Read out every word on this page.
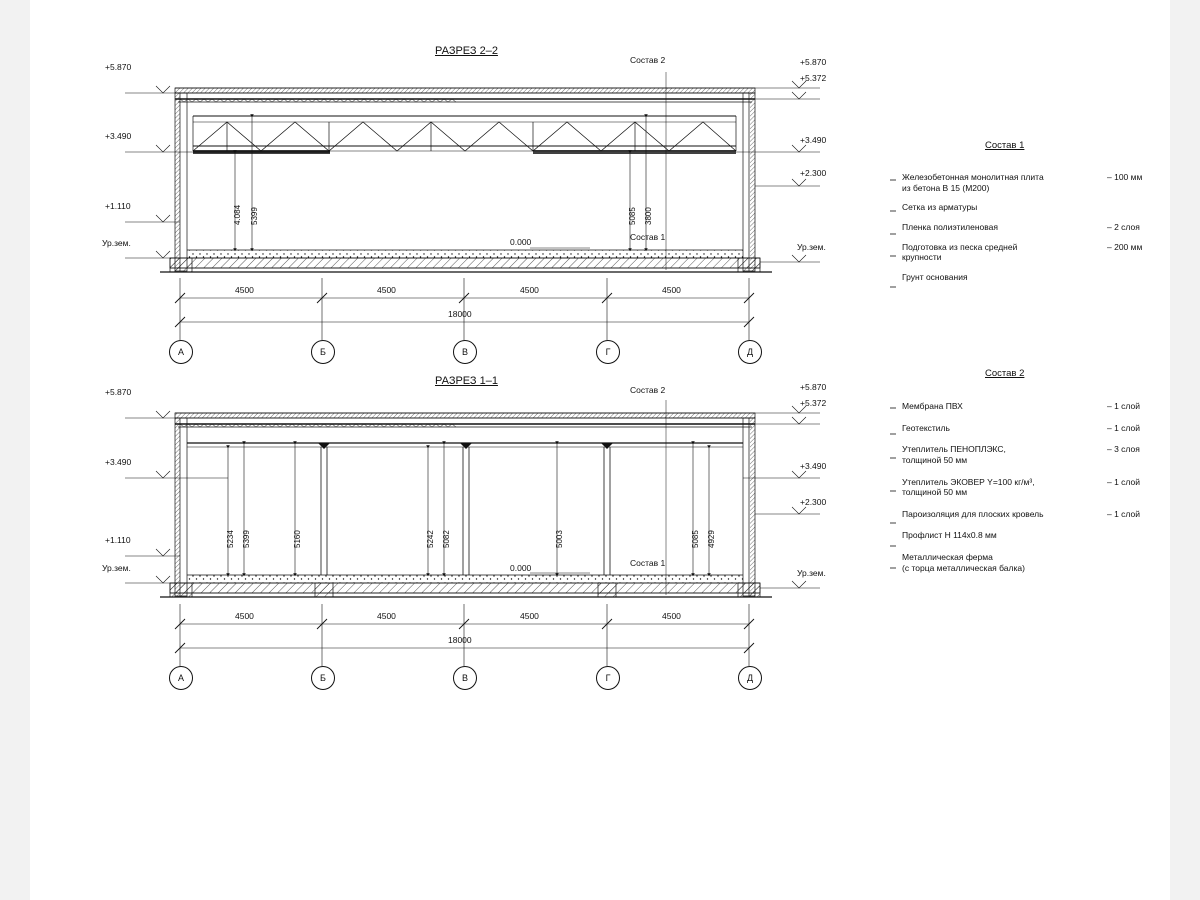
РАЗРЕЗ 2–2
Состав 2
Состав 1
0.000
+5.870
+3.490
+1.110
Ур.зем.
+5.870
+5.372
+3.490
+2.300
Ур.зем.
4.084 5399	5085 3800
4500	4500	4500	4500
18000
А	Б	В	Г	Д
РАЗРЕЗ 1–1
Состав 2
Состав 1
0.000
+5.870
+3.490
+1.110
Ур.зем.
+5.870
+5.372
+3.490
+2.300
Ур.зем.
5234 5399	5160	5242 5082	5003	5085 4929
4500	4500	4500	4500
18000
А	Б	В	Г	Д
Состав 1
Железобетонная монолитная плита
из бетона В 15 (М200)
– 100 мм
Сетка из арматуры
Пленка полиэтиленовая	– 2 слоя
Подготовка из песка средней
крупности
– 200 мм
Грунт основания
Состав 2
Мембрана ПВХ	– 1 слой
Геотекстиль	– 1 слой
Утеплитель ПЕНОПЛЭКС,
толщиной 50 мм
– 3 слоя
Утеплитель ЭКОВЕР Y=100 кг/м³,
толщиной 50 мм
– 1 слой
Пароизоляция для плоских кровель	– 1 слой
Профлист Н 114х0.8 мм
Металлическая ферма
(с торца металлическая балка)
